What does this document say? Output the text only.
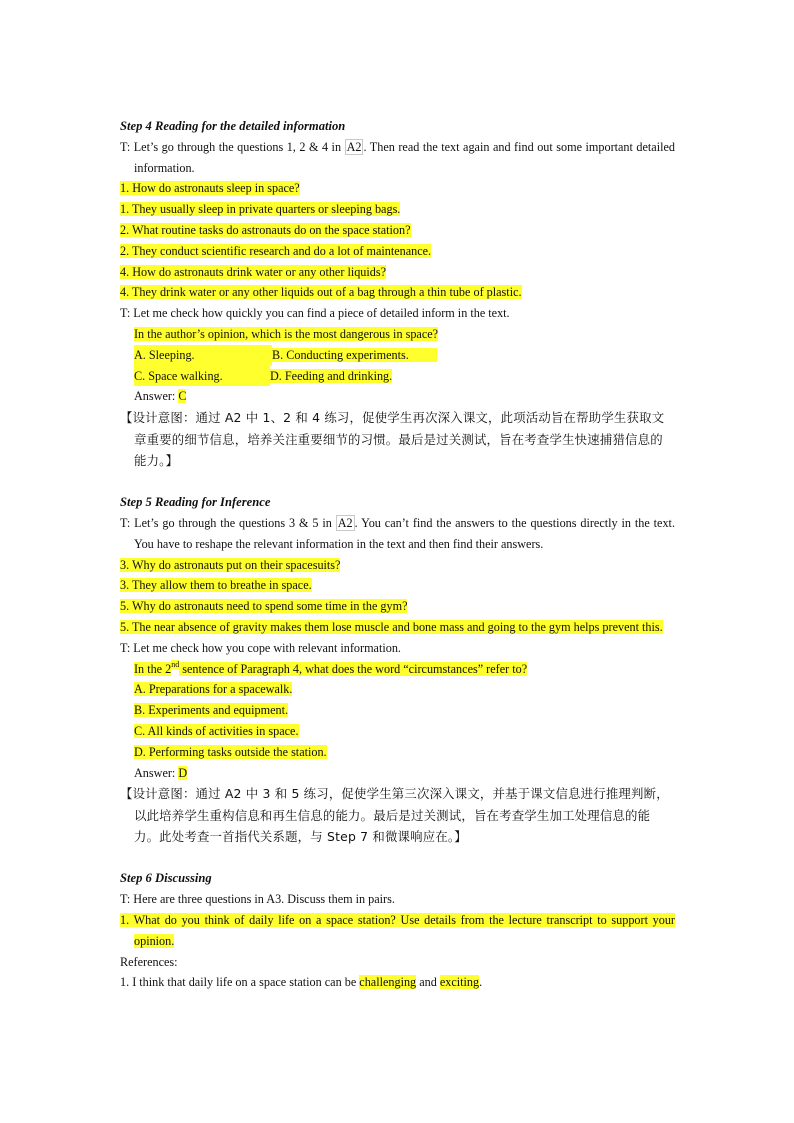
Step 4 Reading for the detailed information
T: Let’s go through the questions 1, 2 & 4 in A2 . Then read the text again and find out some important detailed information.
1. How do astronauts sleep in space?
1. They usually sleep in private quarters or sleeping bags.
2. What routine tasks do astronauts do on the space station?
2. They conduct scientific research and do a lot of maintenance.
4. How do astronauts drink water or any other liquids?
4. They drink water or any other liquids out of a bag through a thin tube of plastic.
T: Let me check how quickly you can find a piece of detailed inform in the text.
In the author’s opinion, which is the most dangerous in space?
A. Sleeping.	B. Conducting experiments.
C. Space walking.	D. Feeding and drinking.
Answer: C
【设计意图：通过 A2 中 1、2 和 4 练习，促使学生再次深入课文，此项活动旨在帮助学生获取文章重要的细节信息，培养关注重要细节的习惯。最后是过关测试，旨在考查学生快速捕猎信息的能力。】
Step 5 Reading for Inference
T: Let’s go through the questions 3 & 5 in A2 . You can’t find the answers to the questions directly in the text. You have to reshape the relevant information in the text and then find their answers.
3. Why do astronauts put on their spacesuits?
3. They allow them to breathe in space.
5. Why do astronauts need to spend some time in the gym?
5. The near absence of gravity makes them lose muscle and bone mass and going to the gym helps prevent this.
T: Let me check how you cope with relevant information.
In the 2nd sentence of Paragraph 4, what does the word “circumstances” refer to?
A. Preparations for a spacewalk.
B. Experiments and equipment.
C. All kinds of activities in space.
D. Performing tasks outside the station.
Answer: D
【设计意图：通过 A2 中 3 和 5 练习，促使学生第三次深入课文，并基于课文信息进行推理判断，以此培养学生重构信息和再生信息的能力。最后是过关测试，旨在考查学生加工处理信息的能力。此处考查一首指代关系题，与 Step 7 和微课响应在。】
Step 6 Discussing
T: Here are three questions in A3. Discuss them in pairs.
1. What do you think of daily life on a space station? Use details from the lecture transcript to support your opinion.
References:
1. I think that daily life on a space station can be challenging and exciting.
